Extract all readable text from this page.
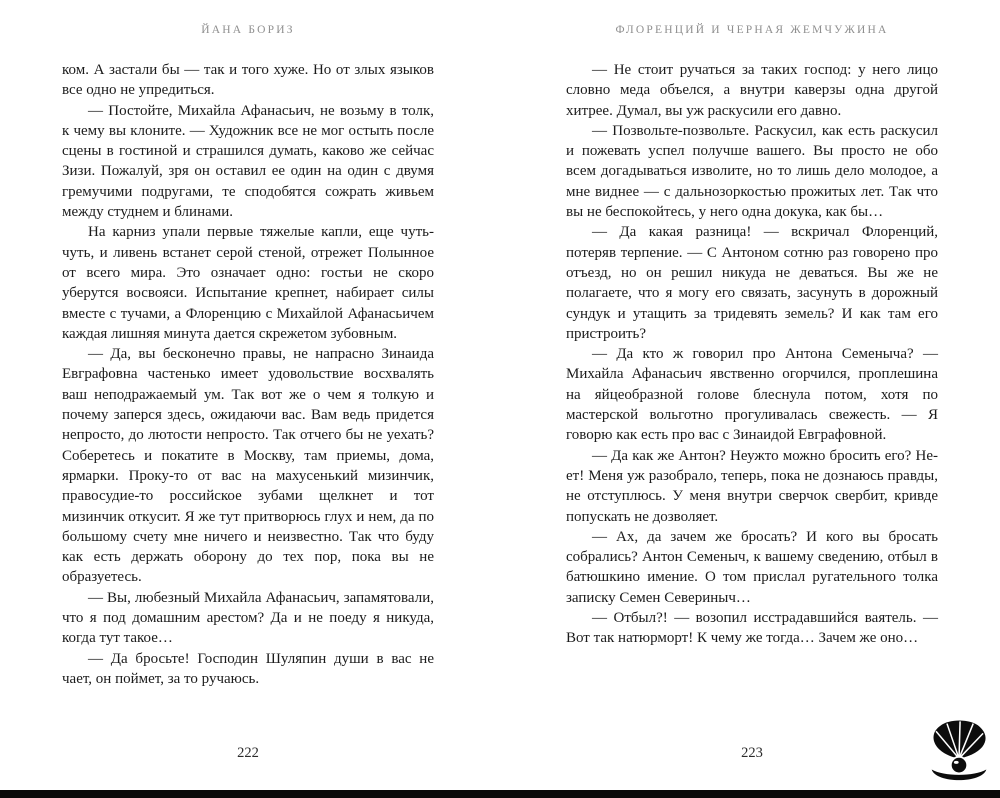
ЙАНА БОРИЗ	ФЛОРЕНЦИЙ И ЧЕРНАЯ ЖЕМЧУЖИНА

ком. А застали бы — так и того хуже. Но от злых языков все одно не упредиться.

— Постойте, Михайла Афанасьич, не возьму в толк, к чему вы клоните. — Художник все не мог остыть после сцены в гостиной и страшился думать, каково же сейчас Зизи. Пожалуй, зря он оставил ее один на один с двумя гремучими подругами, те сподобятся сожрать живьем между студнем и блинами.

На карниз упали первые тяжелые капли, еще чуть-чуть, и ливень встанет серой стеной, отрежет Полынное от всего мира. Это означает одно: гостьи не скоро уберутся восвояси. Испытание крепнет, набирает силы вместе с тучами, а Флоренцию с Михайлой Афанасьичем каждая лишняя минута дается скрежетом зубовным.

— Да, вы бесконечно правы, не напрасно Зинаида Евграфовна частенько имеет удовольствие восхвалять ваш неподражаемый ум. Так вот же о чем я толкую и почему заперся здесь, ожидаючи вас. Вам ведь придется непросто, до лютости непросто. Так отчего бы не уехать? Соберетесь и покатите в Москву, там приемы, дома, ярмарки. Проку-то от вас на махусенький мизинчик, правосудие-то российское зубами щелкнет и тот мизинчик откусит. Я же тут притворюсь глух и нем, да по большому счету мне ничего и неизвестно. Так что буду как есть держать оборону до тех пор, пока вы не образуетесь.

— Вы, любезный Михайла Афанасьич, запамятовали, что я под домашним арестом? Да и не поеду я никуда, когда тут такое…

— Да бросьте! Господин Шуляпин души в вас не чает, он поймет, за то ручаюсь.

— Не стоит ручаться за таких господ: у него лицо словно меда объелся, а внутри каверзы одна другой хитрее. Думал, вы уж раскусили его давно.

— Позвольте-позвольте. Раскусил, как есть раскусил и пожевать успел получше вашего. Вы просто не обо всем догадываться изволите, но то лишь дело молодое, а мне виднее — с дальнозоркостью прожитых лет. Так что вы не беспокойтесь, у него одна докука, как бы…

— Да какая разница! — вскричал Флоренций, потеряв терпение. — С Антоном сотню раз говорено про отъезд, но он решил никуда не деваться. Вы же не полагаете, что я могу его связать, засунуть в дорожный сундук и утащить за тридевять земель? И как там его пристроить?

— Да кто ж говорил про Антона Семеныча? — Михайла Афанасьич явственно огорчился, проплешина на яйцеобразной голове блеснула потом, хотя по мастерской вольготно прогуливалась свежесть. — Я говорю как есть про вас с Зинаидой Евграфовной.

— Да как же Антон? Неужто можно бросить его? Не-ет! Меня уж разобрало, теперь, пока не дознаюсь правды, не отступлюсь. У меня внутри сверчок свербит, кривде попускать не дозволяет.

— Ах, да зачем же бросать? И кого вы бросать собрались? Антон Семеныч, к вашему сведению, отбыл в батюшкино имение. О том прислал ругательного толка записку Семен Севериныч…

— Отбыл?! — возопил исстрадавшийся ваятель. — Вот так натюрморт! К чему же тогда… Зачем же оно…

222	223
